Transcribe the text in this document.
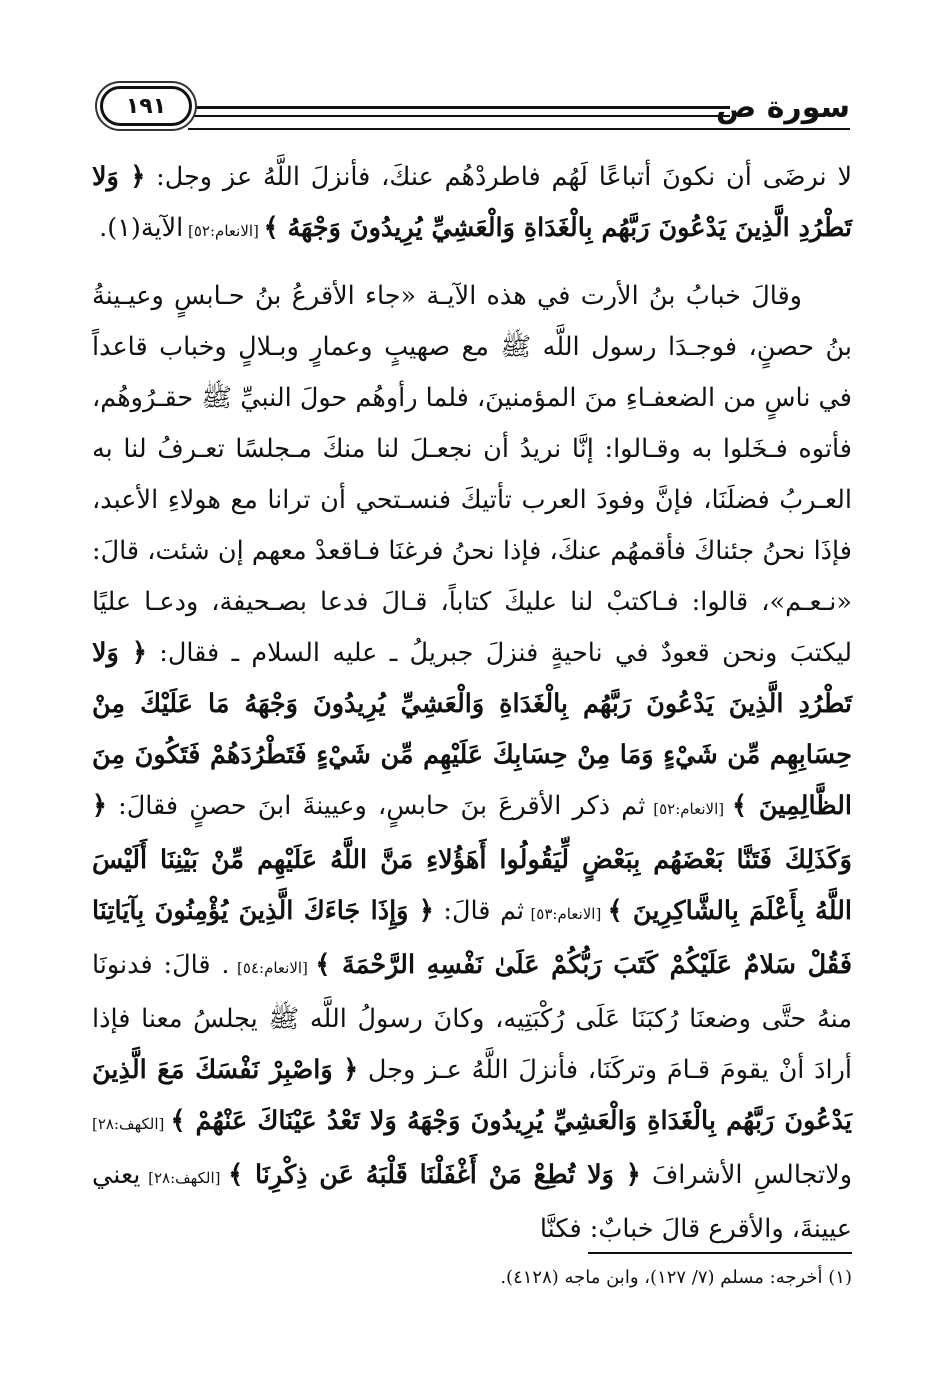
سورة ص
١٩١

لا نرضَى أن نكونَ أتباعًا لَهُم فاطردْهُم عنكَ، فأنزلَ اللَّهُ عز وجل: ﴿ وَلا تَطْرُدِ الَّذِينَ يَدْعُونَ رَبَّهُم بِالْغَدَاةِ وَالْعَشِيِّ يُرِيدُونَ وَجْهَهُ ﴾ [الانعام:٥٢] الآية(١).

وقالَ خبابُ بنُ الأرت في هذه الآيـة «جاء الأقرعُ بنُ حـابسٍ وعيـينةُ بنُ حصنٍ، فوجـدَا رسول اللَّه ﷺ مع صهيبٍ وعمارٍ وبـلالٍ وخباب قاعداً في ناسٍ من الضعفـاءِ منَ المؤمنينَ، فلما رأوهُم حولَ النبيِّ ﷺ حقـرُوهُم، فأتوه فـخَلوا به وقـالوا: إنَّا نريدُ أن نجعـلَ لنا منكَ مـجلسًا تعـرفُ لنا به العـربُ فضلَنَا، فإنَّ وفودَ العرب تأتيكَ فنسـتحي أن ترانا مع هولاءِ الأعبد، فإذَا نحنُ جئناكَ فأقمهُم عنكَ، فإذا نحنُ فرغنَا فـاقعدْ معهم إن شئت، قالَ: «نـعـم»، قالوا: فـاكتبْ لنا عليكَ كتاباً، قـالَ فدعا بصـحيفة، ودعـا عليًا ليكتبَ ونحن قعودٌ في ناحيةٍ فنزلَ جبريلُ ـ عليه السلام ـ فقال: ﴿ وَلا تَطْرُدِ الَّذِينَ يَدْعُونَ رَبَّهُم بِالْغَدَاةِ وَالْعَشِيِّ يُرِيدُونَ وَجْهَهُ مَا عَلَيْكَ مِنْ حِسَابِهِم مِّن شَيْءٍ وَمَا مِنْ حِسَابِكَ عَلَيْهِم مِّن شَيْءٍ فَتَطْرُدَهُمْ فَتَكُونَ مِنَ الظَّالِمِينَ ﴾ [الانعام:٥٢] ثم ذكر الأقرعَ بنَ حابسٍ، وعيينةَ ابنَ حصنٍ فقالَ: ﴿ وَكَذَلِكَ فَتَنَّا بَعْضَهُم بِبَعْضٍ لِّيَقُولُوا أَهَؤُلاءِ مَنَّ اللَّهُ عَلَيْهِم مِّنْ بَيْنِنَا أَلَيْسَ اللَّهُ بِأَعْلَمَ بِالشَّاكِرِينَ ﴾ [الانعام:٥٣] ثم قالَ: ﴿ وَإِذَا جَاءَكَ الَّذِينَ يُؤْمِنُونَ بِآيَاتِنَا فَقُلْ سَلامٌ عَلَيْكُمْ كَتَبَ رَبُّكُمْ عَلَىٰ نَفْسِهِ الرَّحْمَةَ ﴾ [الانعام:٥٤] . قالَ: فدنونَا منهُ حتَّى وضعنَا رُكبَنَا عَلَى رُكْبَتِيه، وكانَ رسولُ اللَّه ﷺ يجلسُ معنا فإذا أرادَ أنْ يقومَ قـامَ وتركَنَا، فأنزلَ اللَّهُ عـز وجل ﴿ وَاصْبِرْ نَفْسَكَ مَعَ الَّذِينَ يَدْعُونَ رَبَّهُم بِالْغَدَاةِ وَالْعَشِيِّ يُرِيدُونَ وَجْهَهُ وَلا تَعْدُ عَيْنَاكَ عَنْهُمْ ﴾ [الكهف:٢٨] ولاتجالسِ الأشرافَ ﴿ وَلا تُطِعْ مَنْ أَغْفَلْنَا قَلْبَهُ عَن ذِكْرِنَا ﴾ [الكهف:٢٨] يعني عيينةَ، والأقرع قالَ خبابٌ: فكنَّا

(١) أخرجه: مسلم (٧/ ١٢٧)، وابن ماجه (٤١٢٨).
